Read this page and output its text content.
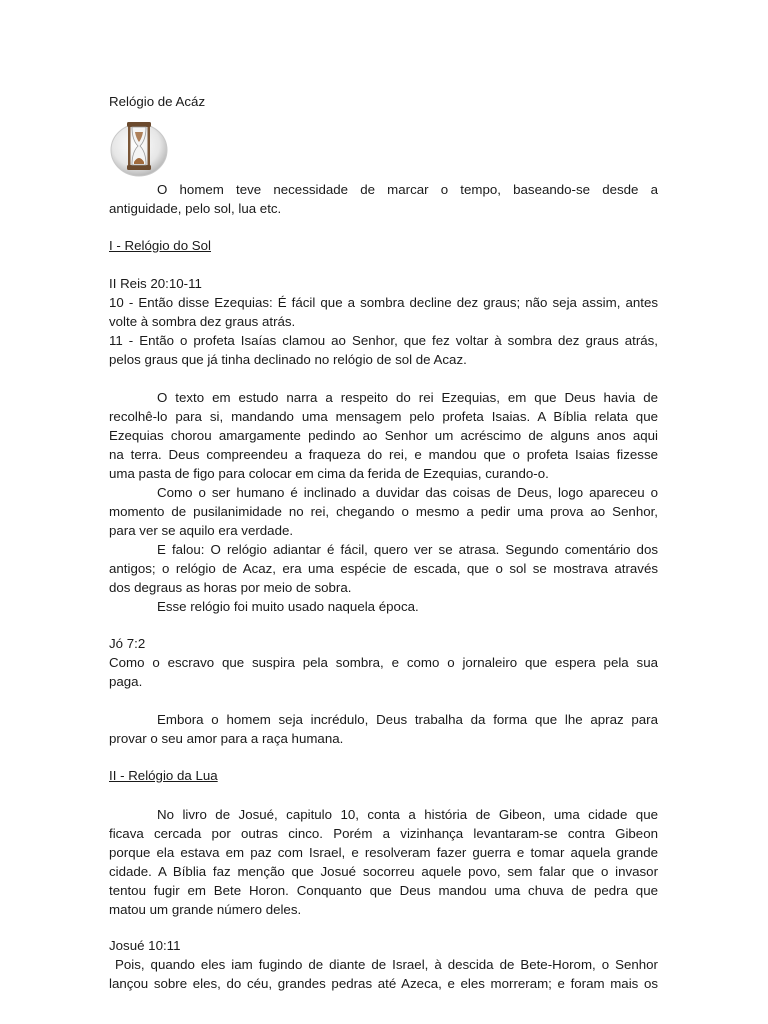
Relógio de Acáz
O homem teve necessidade de marcar o tempo, baseando-se desde a
antiguidade, pelo sol, lua etc.
I - Relógio do Sol
II Reis 20:10-11
10 - Então disse Ezequias: É fácil que a sombra decline dez graus; não seja assim, antes
volte à sombra dez graus atrás.
11 - Então o profeta Isaías clamou ao Senhor, que fez voltar à sombra dez graus atrás,
pelos graus que já tinha declinado no relógio de sol de Acaz.
O texto em estudo narra a respeito do rei Ezequias, em que Deus havia de
recolhê-lo para si, mandando uma mensagem pelo profeta Isaias. A Bíblia relata que
Ezequias chorou amargamente pedindo ao Senhor um acréscimo de alguns anos aqui
na terra. Deus compreendeu a fraqueza do rei, e mandou que o profeta Isaias fizesse
uma pasta de figo para colocar em cima da ferida de Ezequias, curando-o.
Como o ser humano é inclinado a duvidar das coisas de Deus, logo apareceu o
momento de pusilanimidade no rei, chegando o mesmo a pedir uma prova ao Senhor,
para ver se aquilo era verdade.
E falou: O relógio adiantar é fácil, quero ver se atrasa. Segundo comentário dos
antigos; o relógio de Acaz, era uma espécie de escada, que o sol se mostrava através
dos degraus as horas por meio de sobra.
Esse relógio foi muito usado naquela época.
Jó 7:2
Como o escravo que suspira pela sombra, e como o jornaleiro que espera pela sua
paga.
Embora o homem seja incrédulo, Deus trabalha da forma que lhe apraz para
provar o seu amor para a raça humana.
II - Relógio da Lua
No livro de Josué, capitulo 10, conta a história de Gibeon, uma cidade que
ficava cercada por outras cinco. Porém a vizinhança levantaram-se contra Gibeon
porque ela estava em paz com Israel, e resolveram fazer guerra e tomar aquela grande
cidade. A Bíblia faz menção que Josué socorreu aquele povo, sem falar que o invasor
tentou fugir em Bete Horon. Conquanto que Deus mandou uma chuva de pedra que
matou um grande número deles.
Josué 10:11
Pois, quando eles iam fugindo de diante de Israel, à descida de Bete-Horom, o Senhor
lançou sobre eles, do céu, grandes pedras até Azeca, e eles morreram; e foram mais os
